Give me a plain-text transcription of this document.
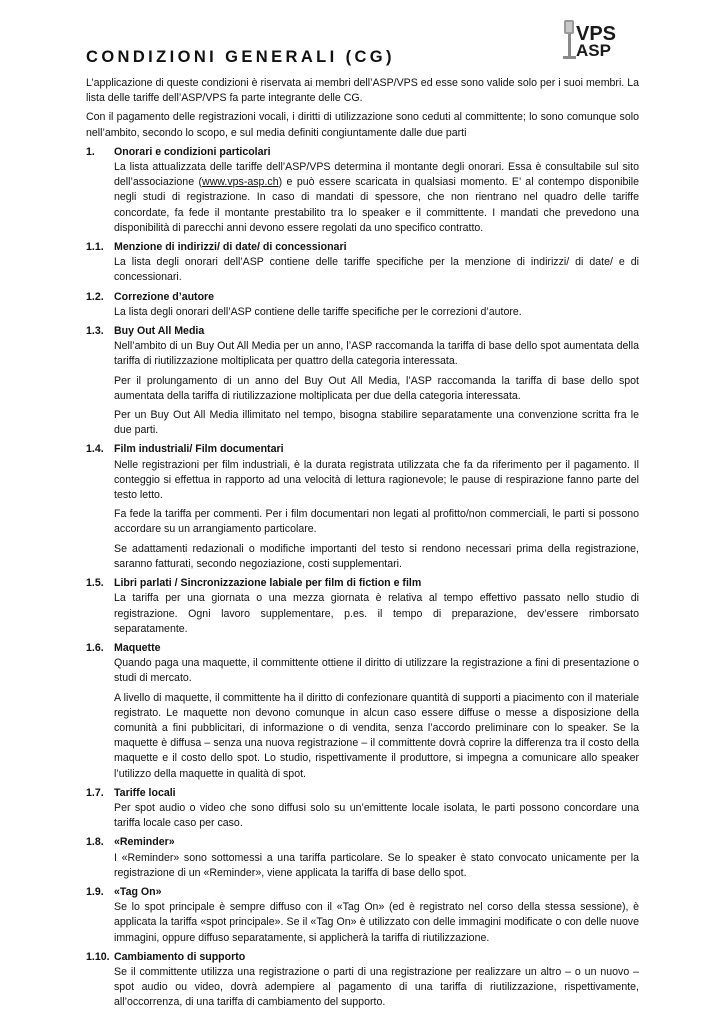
VPS
ASP
CONDIZIONI GENERALI (CG)

L’applicazione di queste condizioni è riservata ai membri dell’ASP/VPS ed esse sono valide solo per i suoi membri. La lista delle tariffe dell’ASP/VPS fa parte integrante delle CG.

Con il pagamento delle registrazioni vocali, i diritti di utilizzazione sono ceduti al committente; lo sono comunque solo nell’ambito, secondo lo scopo, e sul media definiti congiuntamente dalle due parti

1.	Onorari e condizioni particolari

La lista attualizzata delle tariffe dell’ASP/VPS determina il montante degli onorari. Essa è consultabile sul sito dell’associazione (www.vps-asp.ch) e può essere scaricata in qualsiasi momento. E’ al contempo disponibile negli studi di registrazione. In caso di mandati di spessore, che non rientrano nel quadro delle tariffe concordate, fa fede il montante prestabilito tra lo speaker e il committente. I mandati che prevedono una disponibilità di parecchi anni devono essere regolati da uno specifico contratto.

1.1. Menzione di indirizzi/ di date/ di concessionari

La lista degli onorari dell’ASP contiene delle tariffe specifiche per la menzione di indirizzi/ di date/ e di concessionari.

1.2. Correzione d’autore

La lista degli onorari dell’ASP contiene delle tariffe specifiche per le correzioni d’autore.

1.3. Buy Out All Media

Nell’ambito di un Buy Out All Media per un anno, l’ASP raccomanda la tariffa di base dello spot aumentata della tariffa di riutilizzazione moltiplicata per quattro della categoria interessata.

Per il prolungamento di un anno del Buy Out All Media, l’ASP raccomanda la tariffa di base dello spot aumentata della tariffa di riutilizzazione moltiplicata per due della categoria interessata.

Per un Buy Out All Media illimitato nel tempo, bisogna stabilire separatamente una convenzione scritta fra le due parti.

1.4. Film industriali/ Film documentari

Nelle registrazioni per film industriali, è la durata registrata utilizzata che fa da riferimento per il pagamento. Il conteggio si effettua in rapporto ad una velocità di lettura ragionevole; le pause di respirazione fanno parte del testo letto.

Fa fede la tariffa per commenti. Per i film documentari non legati al profitto/non commerciali, le parti si possono accordare su un arrangiamento particolare.

Se adattamenti redazionali o modifiche importanti del testo si rendono necessari prima della registrazione, saranno fatturati, secondo negoziazione, costi supplementari.

1.5. Libri parlati / Sincronizzazione labiale per film di fiction e film

La tariffa per una giornata o una mezza giornata è relativa al tempo effettivo passato nello studio di registrazione. Ogni lavoro supplementare, p.es. il tempo di preparazione, dev’essere rimborsato separatamente.

1.6. Maquette

Quando paga una maquette, il committente ottiene il diritto di utilizzare la registrazione a fini di presentazione o studi di mercato.

A livello di maquette, il committente ha il diritto di confezionare quantità di supporti a piacimento con il materiale registrato. Le maquette non devono comunque in alcun caso essere diffuse o messe a disposizione della comunità a fini pubblicitari, di informazione o di vendita, senza l’accordo preliminare con lo speaker. Se la maquette è diffusa – senza una nuova registrazione – il committente dovrà coprire la differenza tra il costo della maquette e il costo dello spot. Lo studio, rispettivamente il produttore, si impegna a comunicare allo speaker l’utilizzo della maquette in qualità di spot.

1.7. Tariffe locali

Per spot audio o video che sono diffusi solo su un’emittente locale isolata, le parti possono concordare una tariffa locale caso per caso.

1.8. «Reminder»

I «Reminder» sono sottomessi a una tariffa particolare. Se lo speaker è stato convocato unicamente per la registrazione di un «Reminder», viene applicata la tariffa di base dello spot.

1.9. «Tag On»

Se lo spot principale è sempre diffuso con il «Tag On» (ed è registrato nel corso della stessa sessione), è applicata la tariffa «spot principale». Se il «Tag On» è utilizzato con delle immagini modificate o con delle nuove immagini, oppure diffuso separatamente, si applicherà la tariffa di riutilizzazione.

1.10. Cambiamento di supporto

Se il committente utilizza una registrazione o parti di una registrazione per realizzare un altro – o un nuovo – spot audio ou video, dovrà adempiere al pagamento di una tariffa di riutilizzazione, rispettivamente, all’occorrenza, di una tariffa di cambiamento del supporto.
